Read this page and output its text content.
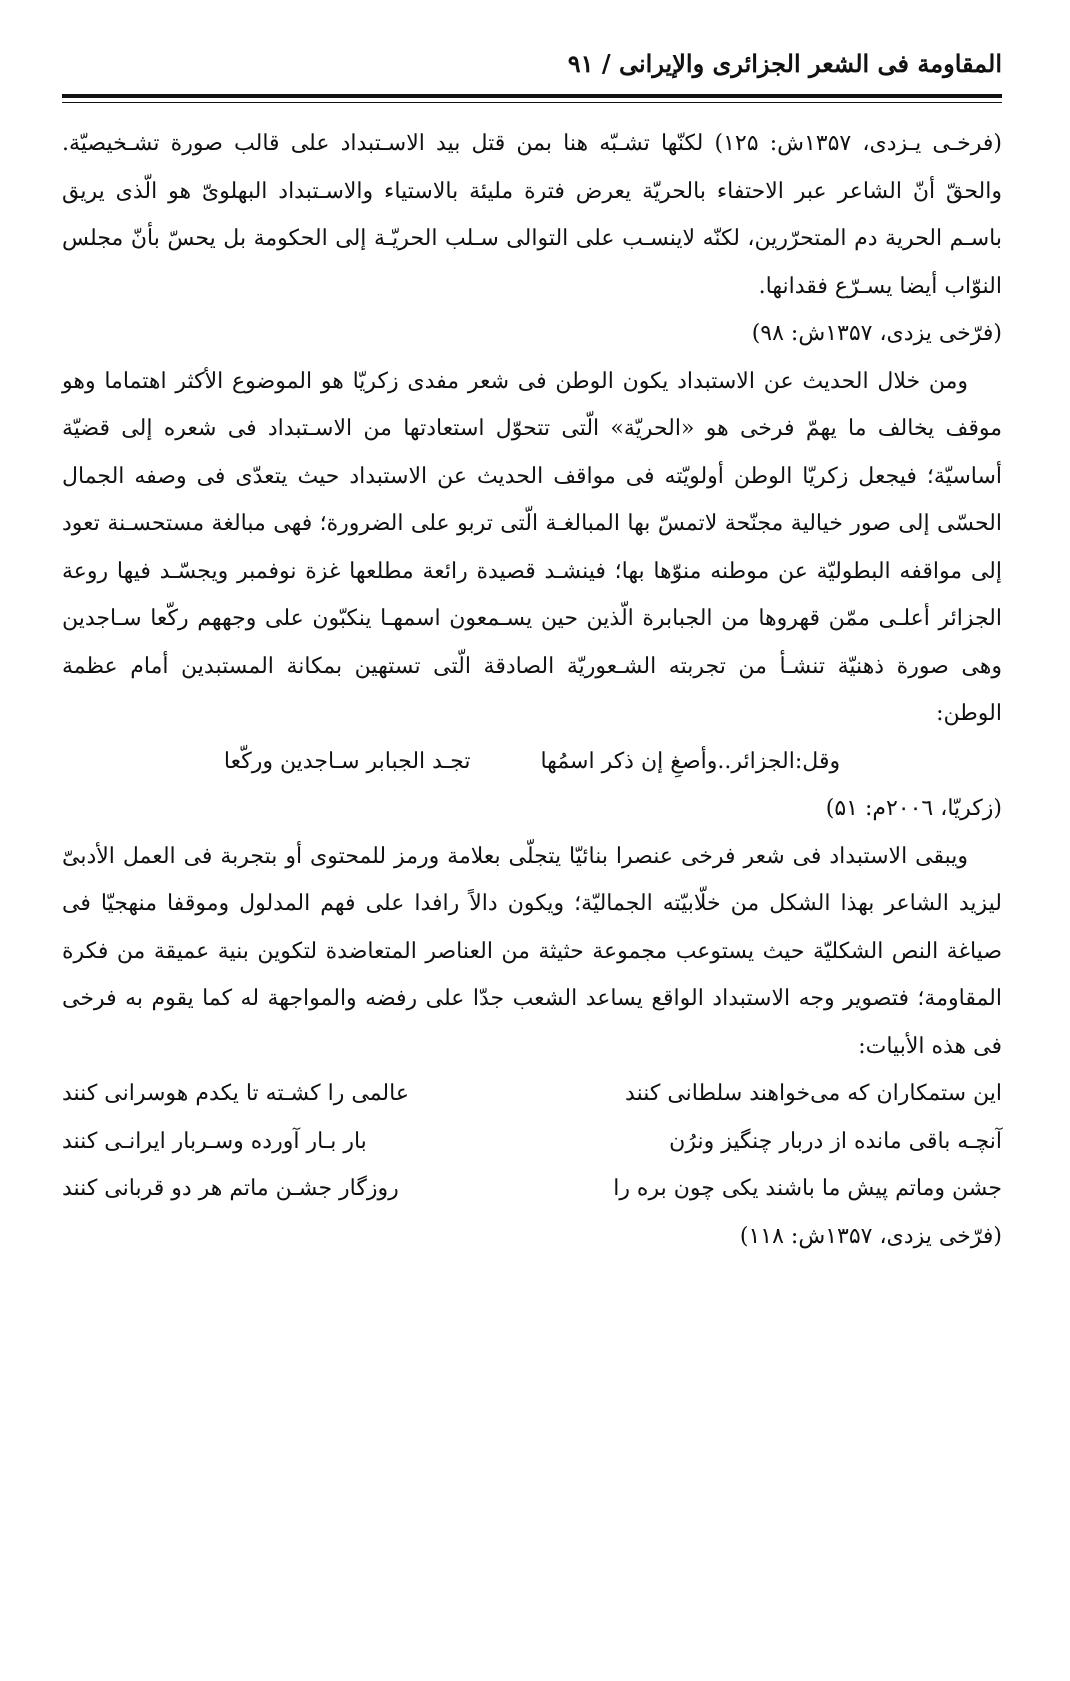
المقاومة فی الشعر الجزائری والإیرانی / ۹۱

(فرخـی یـزدی، ۱۳۵۷ش: ۱۲۵) لکنّها تشـبّه هنا بمن قتل بید الاسـتبداد علی قالب صورة تشـخیصیّة. والحقّ أنّ الشاعر عبر الاحتفاء بالحریّة یعرض فترة ملیئة بالاستیاء والاسـتبداد البهلویّ هو الّذی یریق باسـم الحریة دم المتحرّرین، لکنّه لاینسـب علی التوالی سـلب الحریّـة إلی الحکومة بل یحسّ بأنّ مجلس النوّاب أیضا یسـرّع فقدانها.

(فرّخی یزدی، ۱۳۵۷ش: ۹۸)

ومن خلال الحدیث عن الاستبداد یکون الوطن فی شعر مفدی زکریّا هو الموضوع الأکثر اهتماما وهو موقف یخالف ما یهمّ فرخی هو «الحریّة» الّتی تتحوّل استعادتها من الاسـتبداد فی شعره إلی قضیّة أساسیّة؛ فیجعل زکریّا الوطن أولویّته فی مواقف الحدیث عن الاستبداد حیث یتعدّی فی وصفه الجمال الحسّی إلی صور خیالیة مجنّحة لاتمسّ بها المبالغـة الّتی تربو علی الضرورة؛ فهی مبالغة مستحسـنة تعود إلی مواقفه البطولیّة عن موطنه منوّها بها؛ فینشـد قصیدة رائعة مطلعها غزة نوفمبر ویجسّـد فیها روعة الجزائر أعلـی ممّن قهروها من الجبابرة الّذین حین یسـمعون اسمهـا ینکبّون علی وجههم رکّعا سـاجدین وهی صورة ذهنیّة تنشـأ من تجربته الشـعوریّة الصادقة الّتی تستهین بمکانة المستبدین أمام عظمة الوطن:

وقل:الجزائر..وأصغِ إن ذکر اسمُها
تجـد الجبابر سـاجدین ورکّعا

(زکریّا، ۲۰۰٦م: ۵۱)

ویبقی الاستبداد فی شعر فرخی عنصرا بنائیّا یتجلّی بعلامة ورمز للمحتوی أو بتجربة فی العمل الأدبیّ لیزید الشاعر بهذا الشکل من خلّابیّته الجمالیّة؛ ویکون دالاً رافدا علی فهم المدلول وموقفا منهجیّا فی صیاغة النص الشکلیّة حیث یستوعب مجموعة حثیثة من العناصر المتعاضدة لتکوین بنیة عمیقة من فکرة المقاومة؛ فتصویر وجه الاستبداد الواقع یساعد الشعب جدّا علی رفضه والمواجهة له کما یقوم به فرخی فی هذه الأبیات:

این ستمکاران که می‌خواهند سلطانی کنند
عالمی را کشـته تا یکدم هوسرانی کنند
آنچـه باقی مانده از دربار چنگیز ونرُن
بار بـار آورده وسـربار ایرانـی کنند
جشن وماتم پیش ما باشند یکی چون بره را
روزگار جشـن ماتم هر دو قربانی کنند

(فرّخی یزدی، ۱۳۵۷ش: ۱۱۸)
